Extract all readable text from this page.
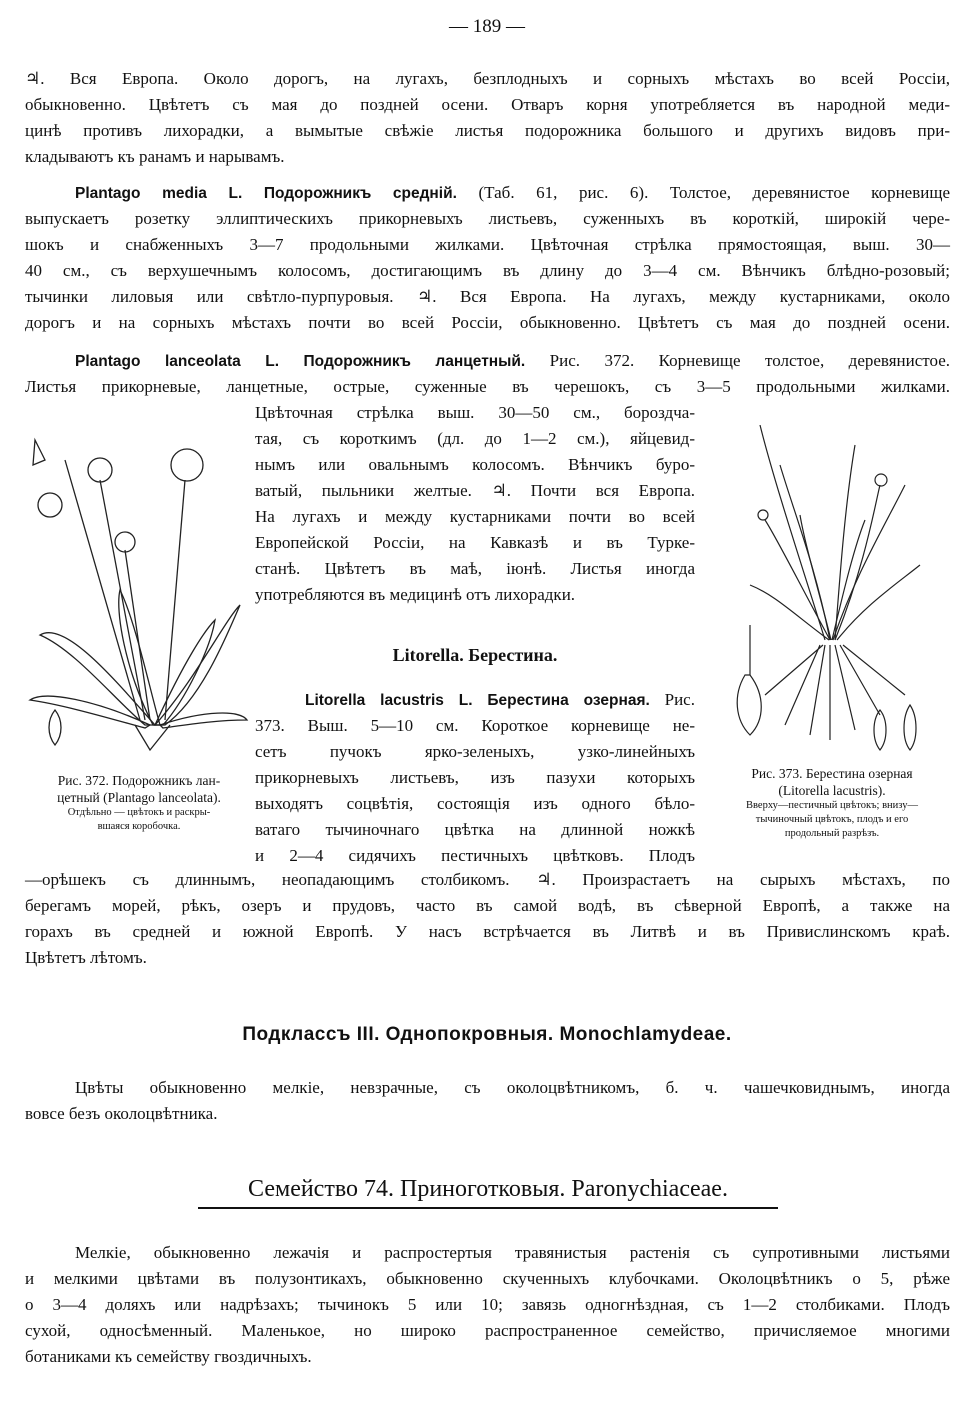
— 189 —
♃. Вся Европа. Около дорогъ, на лугахъ, безплодныхъ и сорныхъ мѣстахъ во всей Россіи,
обыкновенно. Цвѣтетъ съ мая до поздней осени. Отваръ корня употребляется въ народной меди-
цинѣ противъ лихорадки, а вымытые свѣжіе листья подорожника большого и другихъ видовъ при-
кладываютъ къ ранамъ и нарывамъ.
Plantago media L. Подорожникъ средній. (Таб. 61, рис. 6). Толстое, деревянистое корневище
выпускаетъ розетку эллиптическихъ прикорневыхъ листьевъ, суженныхъ въ короткій, широкій чере-
шокъ и снабженныхъ 3—7 продольными жилками. Цвѣточная стрѣлка прямостоящая, выш. 30—
40 см., съ верхушечнымъ колосомъ, достигающимъ въ длину до 3—4 см. Вѣнчикъ блѣдно-розовый;
тычинки лиловыя или свѣтло-пурпуровыя. ♃. Вся Европа. На лугахъ, между кустарниками, около
дорогъ и на сорныхъ мѣстахъ почти во всей Россіи, обыкновенно. Цвѣтетъ съ мая до поздней осени.
Plantago lanceolata L. Подорожникъ ланцетный. Рис. 372. Корневище толстое, деревянистое.
Листья прикорневые, ланцетные, острые, суженные въ черешокъ, съ 3—5 продольными жилками.
Цвѣточная стрѣлка выш. 30—50 см., бороздча-
тая, съ короткимъ (дл. до 1—2 см.), яйцевид-
нымъ или овальнымъ колосомъ. Вѣнчикъ буро-
ватый, пыльники желтые. ♃. Почти вся Европа.
На лугахъ и между кустарниками почти во всей
Европейской Россіи, на Кавказѣ и въ Турке-
станѣ. Цвѣтетъ въ маѣ, іюнѣ. Листья иногда
употребляются въ медицинѣ отъ лихорадки.
Litorella. Берестина.
Litorella lacustris L. Берестина озерная. Рис.
373. Выш. 5—10 см. Короткое корневище не-
сетъ пучокъ ярко-зеленыхъ, узко-линейныхъ
прикорневыхъ листьевъ, изъ пазухи которыхъ
выходятъ соцвѣтія, состоящія изъ одного бѣло-
ватаго тычиночнаго цвѣтка на длинной ножкѣ
и 2—4 сидячихъ пестичныхъ цвѣтковъ. Плодъ
—орѣшекъ съ длиннымъ, неопадающимъ столбикомъ. ♃. Произрастаетъ на сырыхъ мѣстахъ, по
берегамъ морей, рѣкъ, озеръ и прудовъ, часто въ самой водѣ, въ сѣверной Европѣ, а также на
горахъ въ средней и южной Европѣ. У насъ встрѣчается въ Литвѣ и въ Привислинскомъ краѣ.
Цвѣтетъ лѣтомъ.
Рис. 372. Подорожникъ лан-
цетный (Plantago lanceolata).
Отдѣльно — цвѣтокъ и раскры-
вшаяся коробочка.
Рис. 373. Берестина озерная
(Litorella lacustris).
Вверху—пестичный цвѣтокъ; внизу—
тычиночный цвѣтокъ, плодъ и его
продольный разрѣзъ.
Подклассъ III. Однопокровныя. Monochlamydeae.
Цвѣты обыкновенно мелкіе, невзрачные, съ околоцвѣтникомъ, б. ч. чашечковиднымъ, иногда
вовсе безъ околоцвѣтника.
Семейство 74. Приноготковыя. Paronychiaceae.
Мелкіе, обыкновенно лежачія и распростертыя травянистыя растенія съ супротивными листьями
и мелкими цвѣтами въ полузонтикахъ, обыкновенно скученныхъ клубочками. Околоцвѣтникъ о 5, рѣже
о 3—4 доляхъ или надрѣзахъ; тычинокъ 5 или 10; завязь одногнѣздная, съ 1—2 столбиками. Плодъ
сухой, односѣменный. Маленькое, но широко распространенное семейство, причисляемое многими
ботаниками къ семейству гвоздичныхъ.
